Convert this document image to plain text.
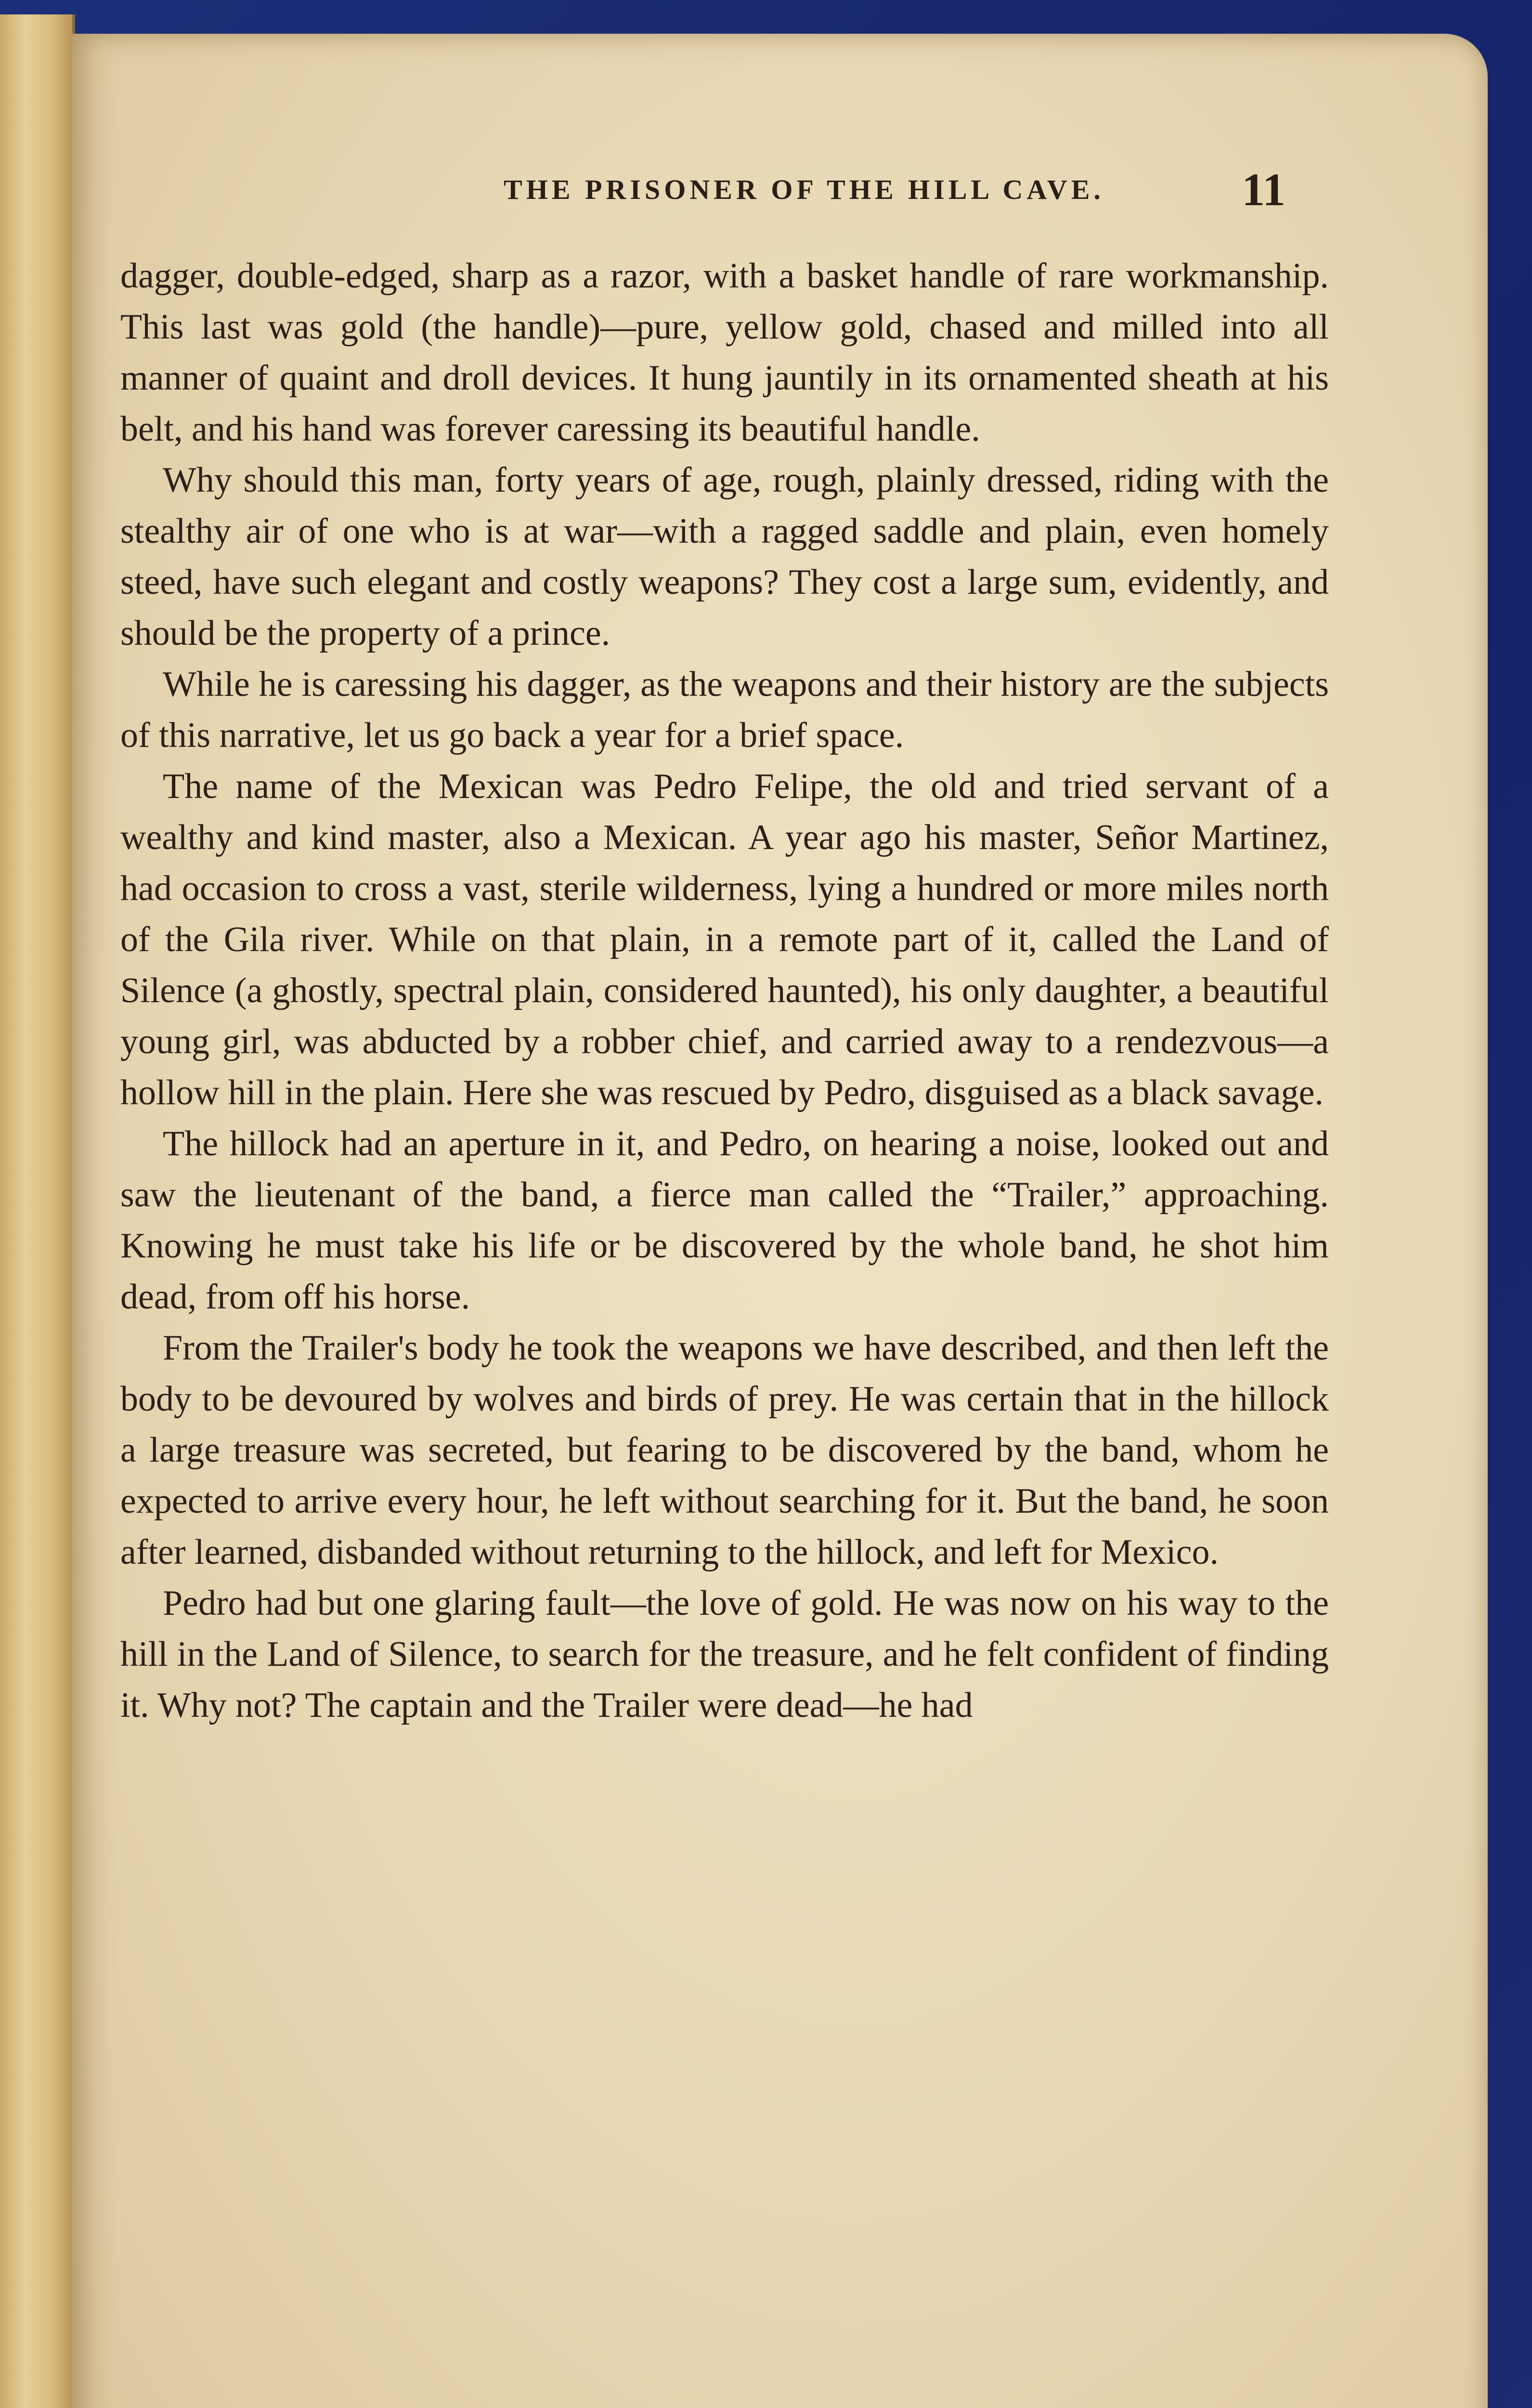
THE PRISONER OF THE HILL CAVE.	11

dagger, double-edged, sharp as a razor, with a basket handle of rare workmanship. This last was gold (the handle)—pure, yellow gold, chased and milled into all manner of quaint and droll devices. It hung jauntily in its ornamented sheath at his belt, and his hand was forever caressing its beautiful handle.

Why should this man, forty years of age, rough, plainly dressed, riding with the stealthy air of one who is at war—with a ragged saddle and plain, even homely steed, have such elegant and costly weapons? They cost a large sum, evidently, and should be the property of a prince.

While he is caressing his dagger, as the weapons and their history are the subjects of this narrative, let us go back a year for a brief space.

The name of the Mexican was Pedro Felipe, the old and tried servant of a wealthy and kind master, also a Mexican. A year ago his master, Señor Martinez, had occasion to cross a vast, sterile wilderness, lying a hundred or more miles north of the Gila river. While on that plain, in a remote part of it, called the Land of Silence (a ghostly, spectral plain, considered haunted), his only daughter, a beautiful young girl, was abducted by a robber chief, and carried away to a rendezvous—a hollow hill in the plain. Here she was rescued by Pedro, disguised as a black savage.

The hillock had an aperture in it, and Pedro, on hearing a noise, looked out and saw the lieutenant of the band, a fierce man called the “Trailer,” approaching. Knowing he must take his life or be discovered by the whole band, he shot him dead, from off his horse.

From the Trailer's body he took the weapons we have described, and then left the body to be devoured by wolves and birds of prey. He was certain that in the hillock a large treasure was secreted, but fearing to be discovered by the band, whom he expected to arrive every hour, he left without searching for it. But the band, he soon after learned, disbanded without returning to the hillock, and left for Mexico.

Pedro had but one glaring fault—the love of gold. He was now on his way to the hill in the Land of Silence, to search for the treasure, and he felt confident of finding it. Why not? The captain and the Trailer were dead—he had
